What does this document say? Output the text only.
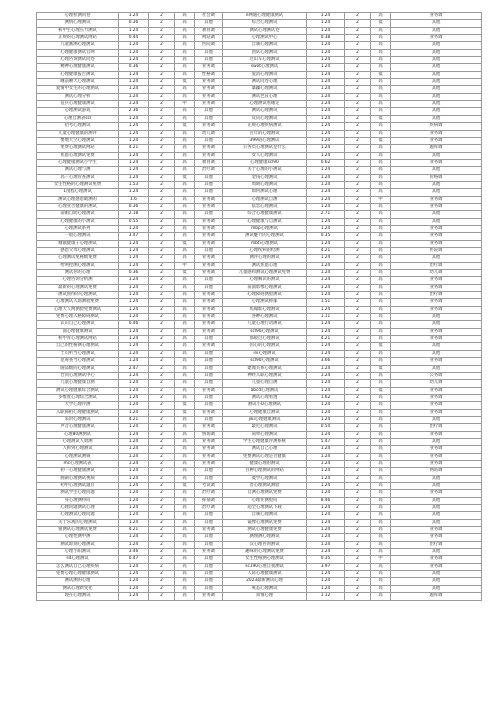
心理检测问卷	1.24	2	高	社会调	e网通心理健康测试	1.24	2	高	业务调
测情心理测试	0.36	2	高	其他	综合心理测试	1.24	2	低	其他
初中生心理压力测试	1.24	2	高	教育调	测试心理测试卷	1.24	2	高	其他
正规的心理测试网站	0.44	2	高	网站调	心理测试中心	0.38	2	高	业务调
儿童画测心理测试	1.24	2	高	医院调	自制心理测试	1.24	2	高	其他
心理健康测试官网	1.24	2	高	其他	团队心理测试	1.24	2	高	其他
心理咨询测试问卷	1.24	2	高	其他	过山车心理测试	1.24	2	高	其他
精神心理健康测试	0.36	2	高	业务调	swot心理测试	1.24	2	高	其他
心理健康报告测试	1.24	2	高	性格调	爱消心理测试	1.24	2	低	其他
睡前聊天心理测试	1.24	2	低	业务调	测试问卷心理	1.24	2	高	其他
爱情中女生的心理测试	1.24	2	高	业务调	暴躁心理测试	1.24	2	高	其他
测试心理分析	1.24	2	高	业务调	测试色盲心理	1.24	2	高	其他
征兵心理健康测试	1.24	2	中	业务调	心理测试看缘定	1.24	2	高	其他
心理测试游戏	2.36	2	高	其他	测试心理测试	1.24	2	高	其他
心理自测表scl	1.24	2	高	其他	反向心理测试	1.24	2	低	其他
招考心理测试	1.24	2	低	业务调	正规心理疾病测试	1.24	2	高	疾病调
儿童心理健康的测评	1.24	2	高	幼儿调	百年的心理测试	1.24	2	高	业务调
要地天空心理测试	1.24	2	高	其他	399道心理测试	1.24	2	低	业务调
免费心理测试网站	4.21	2	高	业务调	公务员心理测试是什么	1.24	2	高	题库调
焦虑心理测试免费	1.24	2	高	业务调	女人心理测试	1.24	2	高	其他
心理健康测试小学生	1.24	2	高	教育调	心理健康scl90	0.62	2	高	业务调
测试心理与测	1.24	2	高	治疗调	关于心理的小测试	1.24	2	高	其他
高一心理管查测试	1.24	2	低	其他	金钱心理测试	1.24	2	高	价格调
女生性格的心理测试免费	1.53	2	高	其他	周期心理测试	1.24	2	高	其他
1剖程心理测试	1.24	2	高	其他	如何测试心理	1.24	2	高	其他
测试心理感恩破测的	1.6	2	高	业务调	心理测试自测	1.24	2	中	业务调
心理亚否健康的测试	0.36	2	高	业务调	依恋心理测试	1.24	2	高	业务调
前帽自助心理测试	2.18	2	高	其他	综合心理健康测试	2.71	2	高	其他
心理健康的小测试	0.55	2	高	业务调	心理健康与自测试	1.24	2	高	其他
心理测试系列	1.24	2	高	业务调	mbp心理测试	1.24	2	高	业务调
一般心理测试	3.47	2	高	业务调	测试魅力的心理测试	0.35	2	高	业务调
城镇健康子心理测试	1.24	2	低	业务调	mbti心理测试	1.24	2	高	业务调
感恩父母心理测试	1.24	2	高	其他	心理疾病的检测	4.21	2	高	医院调
心理测试免秘级免费	1.24	2	高	业务调	测评心理的测试	1.24	2	高	其他
给利控测心理测试	1.24	2	中	业务调	测试焦虑心理	1.24	2	高	治疗调
测试你的心理	0.36	2	低	业务调	儿童感和测试心理测试免费	1.24	2	高	幼儿调
心理咨询分析测	1.24	2	高	其他	心理咽识的测试	1.24	2	高	业务调
最新的心理测试免费	1.24	2	高	其他	前面影像心理测试	1.24	2	高	业务调
测试预得的心理测试	1.24	2	高	业务调	心理障碍测验测试	1.24	2	高	治疗调
心理测试入场测验免费	1.24	2	高	业务调	心理测试抑郁	1.51	2	高	业务调
心理大人网测验免费测试	1.24	2	高	业务调	焦翰谁心理测试	1.24	2	高	业务调
免费心理入格障碍测试	1.24	2	高	业务调	各种心理测试	1.11	2	高	其他
认识自己心理测试	0.46	2	高	业务调	儿童心理行动测试	1.24	2	高	其他
面心理健康测试	1.24	2	高	业务调	scl90心理测试	1.24	2	高	业务调
初中青心理测试网站	1.24	2	高	其他	那般过心理测试	4.21	2	高	业务调
自己的性格测心理测试	1.24	2	高	业务调	因心的心理测试	1.24	2	低	其他
土司听当心理测试	1.24	2	高	其他	ini心理测试	1.24	2	高	其他
范毒查当心理测试	1.24	2	高	其他	scl90心理测试	3.66	2	高	业务调
随品级的心理测试	2.47	2	高	其他	建闻关系心理测试	1.24	2	低	其他
台问心理测试中心	1.24	2	高	其他	神经入职心理测试	1.24	2	高	公务调
儿童心理健康自测	1.24	2	高	其他	儿童心理自测	1.24	2	高	幼儿调
测试心理健康综合测试	1.24	2	高	业务调	abcd心理测试	1.24	2	低	业务调
多维度心理综合测试	1.24	2	高	其他	测试心理看透	1.62	2	高	业务调
大学心理评测	1.24	2	低	其他	测试小U心理测试	1.24	2	高	业务调
入职筛拍心理健康测试	1.24	2	低	业务调	心理健康自测试	1.24	2	高	业务调
采阶心理测试	4.21	2	高	其他	jiki心理健康测试	1.24	2	高	其他
声音心理健康测试	1.24	2	高	业务调	最近心理测试	0.54	2	高	治疗调
心理80测测试	1.24	2	高	情场调	简单心理测试	1.24	2	高	业务调
心理测试人效测	1.24	2	高	业务调	学生心理健康评测系统	5.47	2	高	其他
人拆到心理测试	1.24	2	高	业务调	测试自己心理	1.24	2	高	业务调
心理测试测频	1.24	2	高	业务调	免费测试心理是否健康	1.24	2	高	业务调
mc心理测试表	1.24	2	高	业务调	健康心理的测试	1.24	2	高	业务调
初一心理健康测试	1.24	2	高	其他	百种心理测试的网站	1.24	2	高	网站调
画制心理测试视频	1.24	2	高	其他	菱学心理测试	1.24	2	高	其他
初中心理测试题目	1.24	2	低	考试调	善心理测试测验	1.24	2	高	其他
测试学生心理问题	1.24	2	高	治疗调	自测心理测试免费	1.24	2	高	业务调
身心理测特问	1.24	2	高	抑郁调	心理住测验问	8.46	2	高	其他
心理问题测试心理	1.24	2	高	治疗调	超全心理测试下载	1.24	2	高	其他
心理测试心理问题	1.24	2	高	其他	自制心理测试	1.24	2	高	其他
关于乐观的心理测试	1.24	2	高	其他	镜像心理测试免费	1.24	2	高	其他
银测试心理测试免费	4.21	2	高	业务调	测试心理健康免费	1.24	2	高	业务调
心理性测中测	1.24	2	高	其他	测图测心理测试	1.24	2	高	业务调
测试即刻心理测试	1.24	2	高	其他	汉心理咨询测试	1.24	2	高	治疗调
心理小阳测试	3.46	2	高	业务调	趣味的心理测试免费	1.24	2	高	其他
sd心理测试	0.47	2	高	其他	女生性格测心理测试	0.35	2	中	业务调
怎么测试自己心理疾病	1.24	2	高	其他	sc190心理自我测试	3.97	2	高	业务调
免费心理心理健康测试	1.24	2	高	其他	人际心理健康测试	1.24	2	高	其他
测试测的心理	1.24	2	高	其他	2023最新测试心理	1.24	2	高	其他
测试心理新变化	1.24	2	高	其他	爽态心理测试	1.24	2	高	其他
现在心理测试	1.24	2	高	业务调	知情心理	1.12	2	高	题库调
